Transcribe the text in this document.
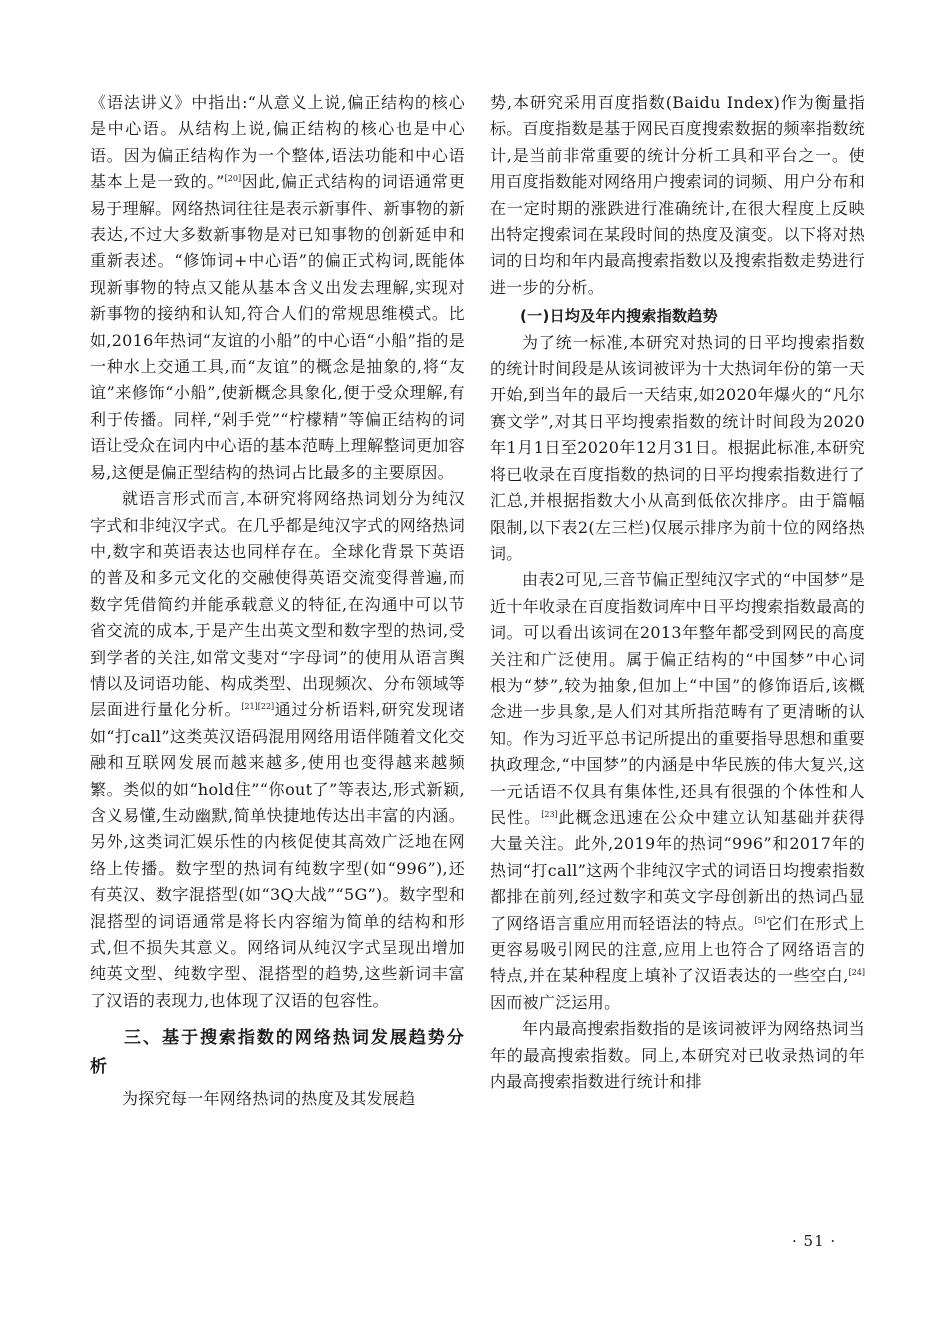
《语法讲义》中指出:“从意义上说,偏正结构的核心是中心语。从结构上说,偏正结构的核心也是中心语。因为偏正结构作为一个整体,语法功能和中心语基本上是一致的。”[20]因此,偏正式结构的词语通常更易于理解。网络热词往往是表示新事件、新事物的新表达,不过大多数新事物是对已知事物的创新延申和重新表述。“修饰词+中心语”的偏正式构词,既能体现新事物的特点又能从基本含义出发去理解,实现对新事物的接纳和认知,符合人们的常规思维模式。比如,2016年热词“友谊的小船”的中心语“小船”指的是一种水上交通工具,而“友谊”的概念是抽象的,将“友谊”来修饰“小船”,使新概念具象化,便于受众理解,有利于传播。同样,“剁手党”“柠檬精”等偏正结构的词语让受众在词内中心语的基本范畴上理解整词更加容易,这便是偏正型结构的热词占比最多的主要原因。

就语言形式而言,本研究将网络热词划分为纯汉字式和非纯汉字式。在几乎都是纯汉字式的网络热词中,数字和英语表达也同样存在。全球化背景下英语的普及和多元文化的交融使得英语交流变得普遍,而数字凭借简约并能承载意义的特征,在沟通中可以节省交流的成本,于是产生出英文型和数字型的热词,受到学者的关注,如常文斐对“字母词”的使用从语言舆情以及词语功能、构成类型、出现频次、分布领域等层面进行量化分析。[21][22]通过分析语料,研究发现诸如“打call”这类英汉语码混用网络用语伴随着文化交融和互联网发展而越来越多,使用也变得越来越频繁。类似的如“hold住”“你out了”等表达,形式新颖,含义易懂,生动幽默,简单快捷地传达出丰富的内涵。另外,这类词汇娱乐性的内核促使其高效广泛地在网络上传播。数字型的热词有纯数字型(如“996”),还有英汉、数字混搭型(如“3Q大战”“5G”)。数字型和混搭型的词语通常是将长内容缩为简单的结构和形式,但不损失其意义。网络词从纯汉字式呈现出增加纯英文型、纯数字型、混搭型的趋势,这些新词丰富了汉语的表现力,也体现了汉语的包容性。

三、基于搜索指数的网络热词发展趋势分析

为探究每一年网络热词的热度及其发展趋

势,本研究采用百度指数(Baidu Index)作为衡量指标。百度指数是基于网民百度搜索数据的频率指数统计,是当前非常重要的统计分析工具和平台之一。使用百度指数能对网络用户搜索词的词频、用户分布和在一定时期的涨跌进行准确统计,在很大程度上反映出特定搜索词在某段时间的热度及演变。以下将对热词的日均和年内最高搜索指数以及搜索指数走势进行进一步的分析。

(一)日均及年内搜索指数趋势

为了统一标准,本研究对热词的日平均搜索指数的统计时间段是从该词被评为十大热词年份的第一天开始,到当年的最后一天结束,如2020年爆火的“凡尔赛文学”,对其日平均搜索指数的统计时间段为2020年1月1日至2020年12月31日。根据此标准,本研究将已收录在百度指数的热词的日平均搜索指数进行了汇总,并根据指数大小从高到低依次排序。由于篇幅限制,以下表2(左三栏)仅展示排序为前十位的网络热词。

由表2可见,三音节偏正型纯汉字式的“中国梦”是近十年收录在百度指数词库中日平均搜索指数最高的词。可以看出该词在2013年整年都受到网民的高度关注和广泛使用。属于偏正结构的“中国梦”中心词根为“梦”,较为抽象,但加上“中国”的修饰语后,该概念进一步具象,是人们对其所指范畴有了更清晰的认知。作为习近平总书记所提出的重要指导思想和重要执政理念,“中国梦”的内涵是中华民族的伟大复兴,这一元话语不仅具有集体性,还具有很强的个体性和人民性。[23]此概念迅速在公众中建立认知基础并获得大量关注。此外,2019年的热词“996”和2017年的热词“打call”这两个非纯汉字式的词语日均搜索指数都排在前列,经过数字和英文字母创新出的热词凸显了网络语言重应用而轻语法的特点。[5]它们在形式上更容易吸引网民的注意,应用上也符合了网络语言的特点,并在某种程度上填补了汉语表达的一些空白,[24]因而被广泛运用。

年内最高搜索指数指的是该词被评为网络热词当年的最高搜索指数。同上,本研究对已收录热词的年内最高搜索指数进行统计和排

· 51 ·
